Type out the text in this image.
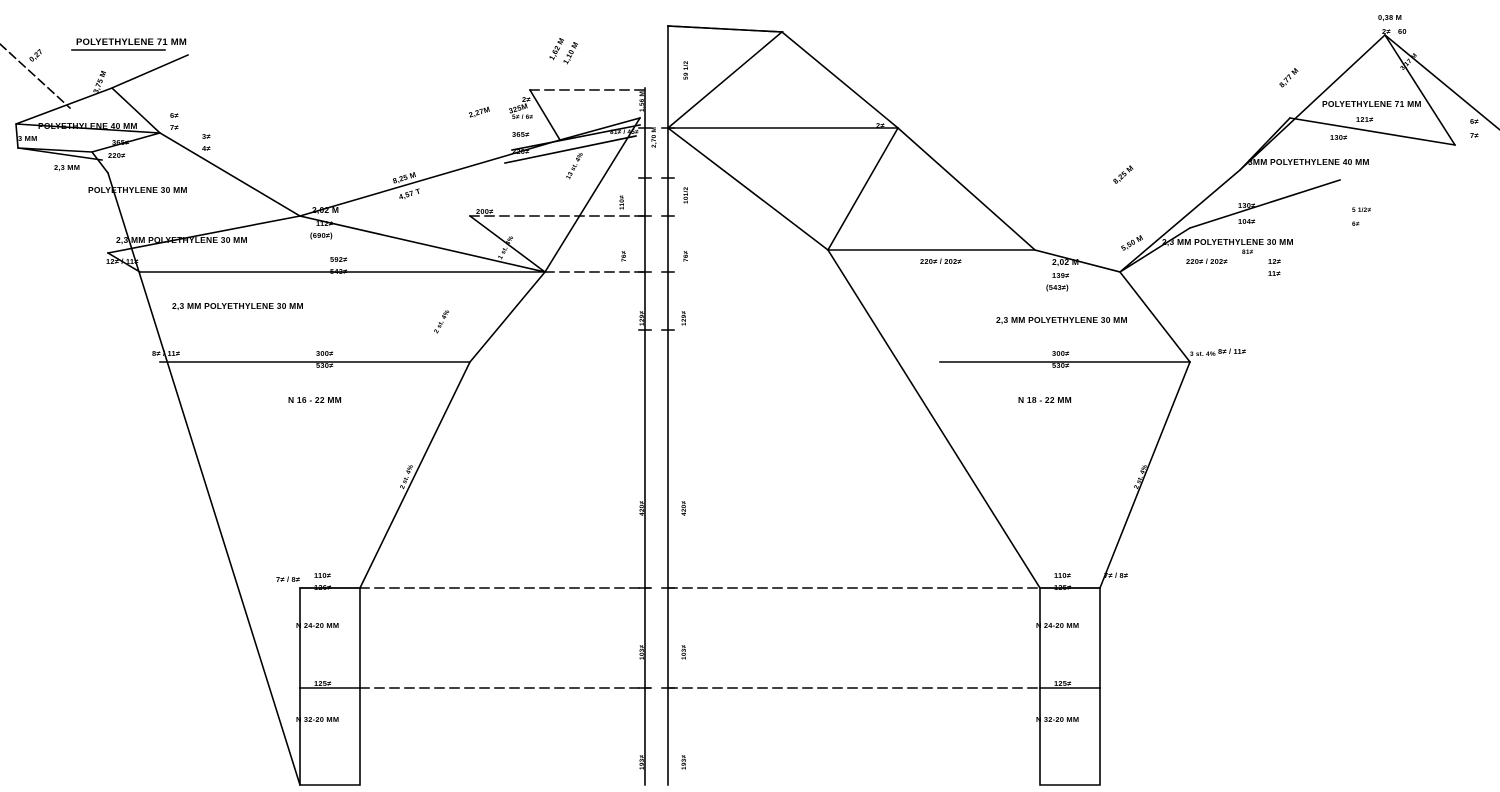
POLYETHYLENE 71 MM
0,27
3,75 M
POLYETHYLENE 40 MM
3 MM
6≠
7≠
3≠
4≠
365≠
220≠
2,3 MM
POLYETHYLENE 30 MM
2,02 M
112≠
(690≠)
200≠
2,3 MM POLYETHYLENE 30 MM
592≠
543≠
12≠ / 11≠
2,3 MM POLYETHYLENE 30 MM
300≠
530≠
8≠ / 11≠
N 16 - 22 MM
110≠
126≠
7≠ / 8≠
N 24-20 MM
125≠
N 32-20 MM
8,25 M
4,57 T
2,27M 325M
1,62 M
1,10 M
2≠
5≠ / 6≠
365≠
220≠
81≠ / 45≠
13 st. 4%
1 st. 4%
2 st. 4%
2 st. 4%
1,56 M
2,70 M
59 1/2
101/2
110≠
76≠	76≠
129≠	129≠
420≠	420≠
103≠	103≠
193≠	193≠
0,38 M
2≠ 60
8,77 M
3,17 M
POLYETHYLENE 71 MM
121≠
130≠
6≠
7≠
3MM POLYETHYLENE 40 MM
8,25 M
5,50 M
130≠
104≠
5 1/2≠
6≠
81≠
12≠
11≠
2≠
220≠ / 202≠	2,02 M
139≠
(543≠)
220≠ / 202≠
2,3 MM POLYETHYLENE 30 MM
2,3 MM POLYETHYLENE 30 MM
300≠
530≠
3 st. 4% 8≠ / 11≠
N 18 - 22 MM
2 st. 4%
110≠
125≠
7≠ / 8≠
N 24-20 MM
125≠
N 32-20 MM
